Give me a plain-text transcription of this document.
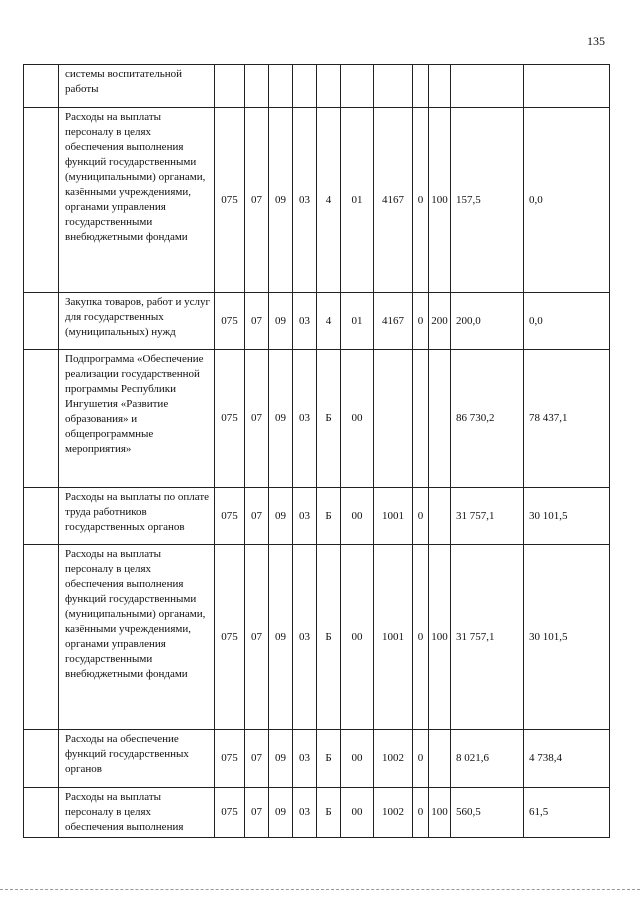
135

	системы воспитательной работы											

	Расходы на выплаты персоналу в целях обеспечения выполнения функций государственными (муниципальными) органами, казёнными учреждениями, органами управления государственными внебюджетными фондами	075	07	09	03	4	01	4167	0	100	157,5	0,0

	Закупка товаров, работ и услуг для государственных (муниципальных) нужд	075	07	09	03	4	01	4167	0	200	200,0	0,0

	Подпрограмма «Обеспечение реализации государственной программы Республики Ингушетия «Развитие образования» и общепрограммные мероприятия»	075	07	09	03	Б	00				86 730,2	78 437,1

	Расходы на выплаты по оплате труда работников государственных органов	075	07	09	03	Б	00	1001	0		31 757,1	30 101,5

	Расходы на выплаты персоналу в целях обеспечения выполнения функций государственными (муниципальными) органами, казёнными учреждениями, органами управления государственными внебюджетными фондами	075	07	09	03	Б	00	1001	0	100	31 757,1	30 101,5

	Расходы на обеспечение функций государственных органов	075	07	09	03	Б	00	1002	0		8 021,6	4 738,4

	Расходы на выплаты персоналу в целях обеспечения выполнения	075	07	09	03	Б	00	1002	0	100	560,5	61,5
